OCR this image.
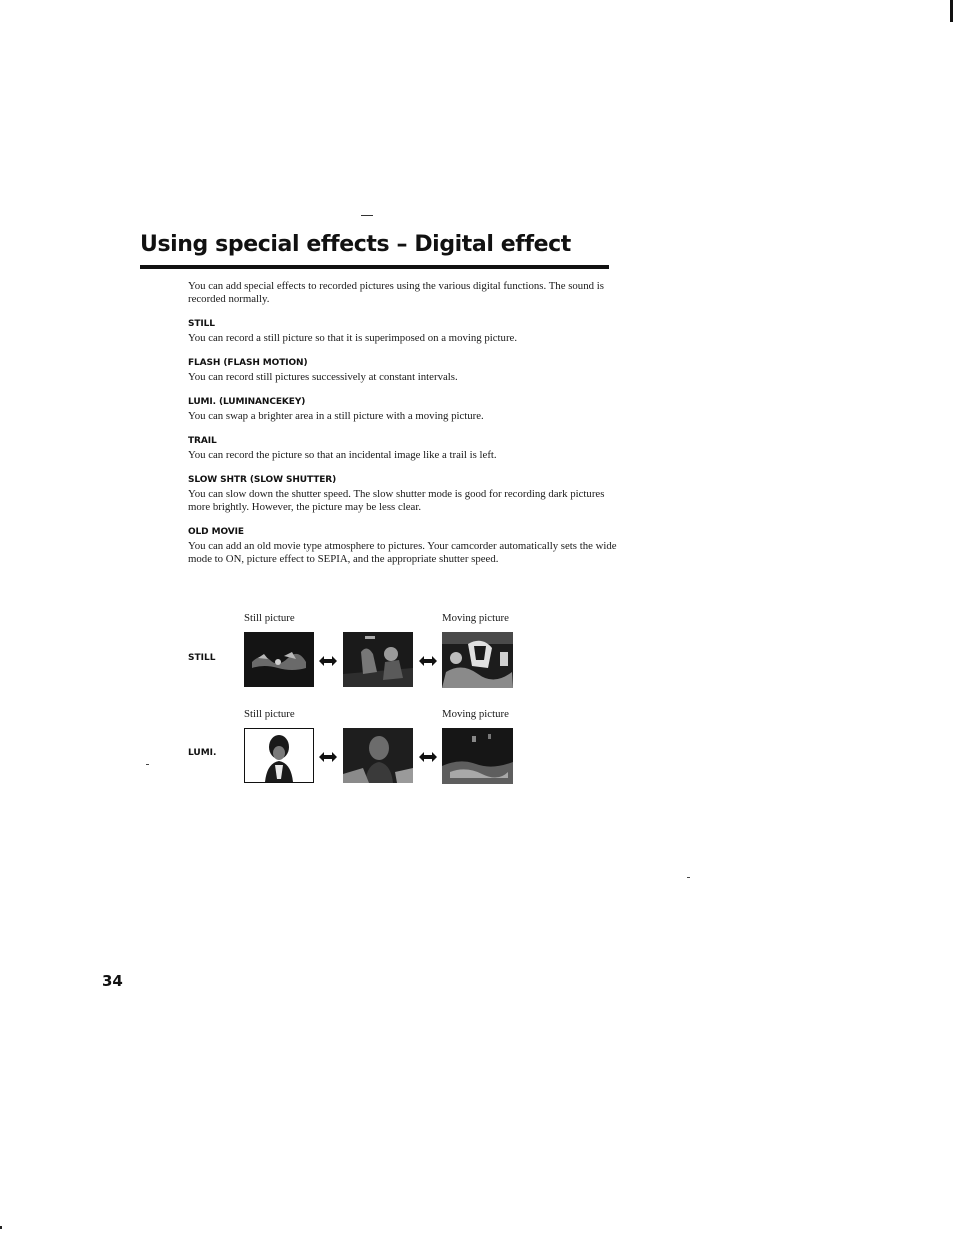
Using special effects – Digital effect
You can add special effects to recorded pictures using the various digital functions. The sound is recorded normally.
STILL
You can record a still picture so that it is superimposed on a moving picture.
FLASH (FLASH MOTION)
You can record still pictures successively at constant intervals.
LUMI. (LUMINANCEKEY)
You can swap a brighter area in a still picture with a moving picture.
TRAIL
You can record the picture so that an incidental image like a trail is left.
SLOW SHTR (SLOW SHUTTER)
You can slow down the shutter speed. The slow shutter mode is good for recording dark pictures more brightly. However, the picture may be less clear.
OLD MOVIE
You can add an old movie type atmosphere to pictures. Your camcorder automatically sets the wide mode to ON, picture effect to SEPIA, and the appropriate shutter speed.
Still picture	Moving picture
STILL
Still picture	Moving picture
LUMI.
34
